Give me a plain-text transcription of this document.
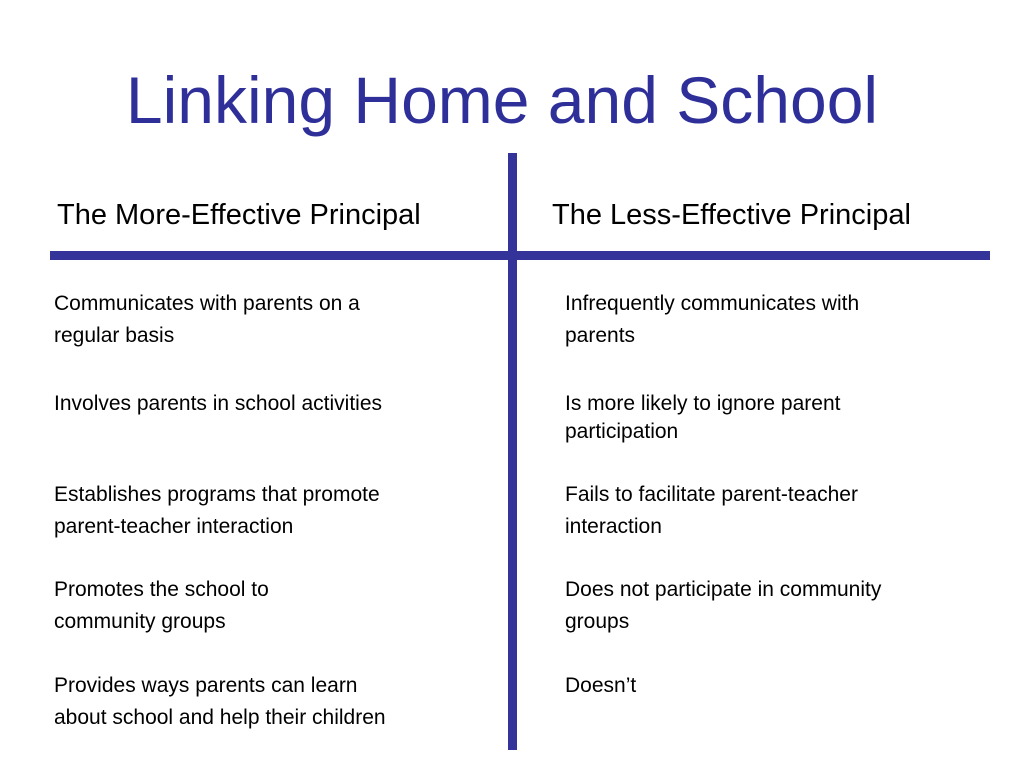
Linking Home and School
The More-Effective Principal	The Less-Effective Principal
Communicates with parents on a
regular basis
Involves parents in school activities
Establishes programs that promote
parent-teacher interaction
Promotes the school to
community groups
Provides ways parents can learn
about school and help their children
Infrequently communicates with
parents
Is more likely to ignore parent
participation
Fails to facilitate parent-teacher
interaction
Does not participate in community
groups
Doesn’t
